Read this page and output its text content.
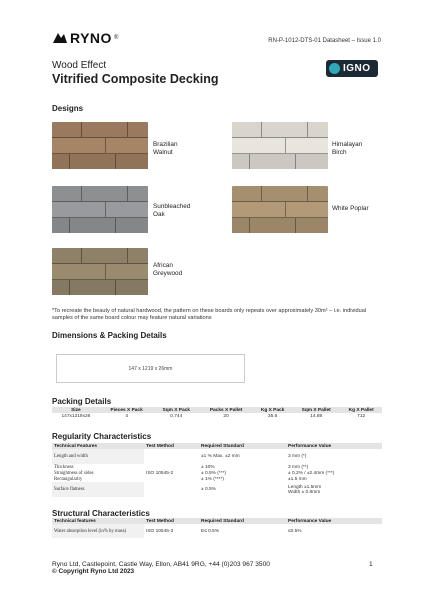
RYNO ®	RN-P-1012-DTS-01 Datasheet – Issue 1.0
Wood Effect
Vitrified Composite Decking
IGNO
Designs
Brazilian
Walnut
Himalayan
Birch
Sunbleached
Oak
White Poplar
African
Greywood
*To recreate the beauty of natural hardwood, the pattern on these boards only repeats over approximately 30m² – i.e. individual samples of the same board colour may feature natural variations
Dimensions & Packing Details
147 x 1219 x 26mm
Packing Details
Size	Pieces X Pack	Sqm X Pack	Packs X Pallet	Kg X Pack	Sqm X Pallet	Kg X Pallet
147x1219x26	4	0.744	20	35.6	14.88	712
Regularity Characteristics
Technical Features	Test Method	Required Standard	Performance Value
Length and width		±1 % Max. ±2 mm	3 mm (*)
Thickness		± 10%	3 mm (**)
Straightness of sides	ISO 10545-2	± 0.5% (***)	± 0.2% / ±2.4mm (***)
Rectangularity		± 1% (****)	±1.5 mm
Surface flatness		± 0.5%	Length ±1.5mm
Width ± 0.8mm
Structural Characteristics
Technical features	Test Method	Required Standard	Performance Value
Water absorption level (in% by mass)	ISO 10545-3	E≤ 0.5%	≤0.5%
Ryno Ltd, Castlepoint, Castle Way, Ellon, AB41 9RG, +44 (0)203 967 3500
© Copyright Ryno Ltd 2023
1
